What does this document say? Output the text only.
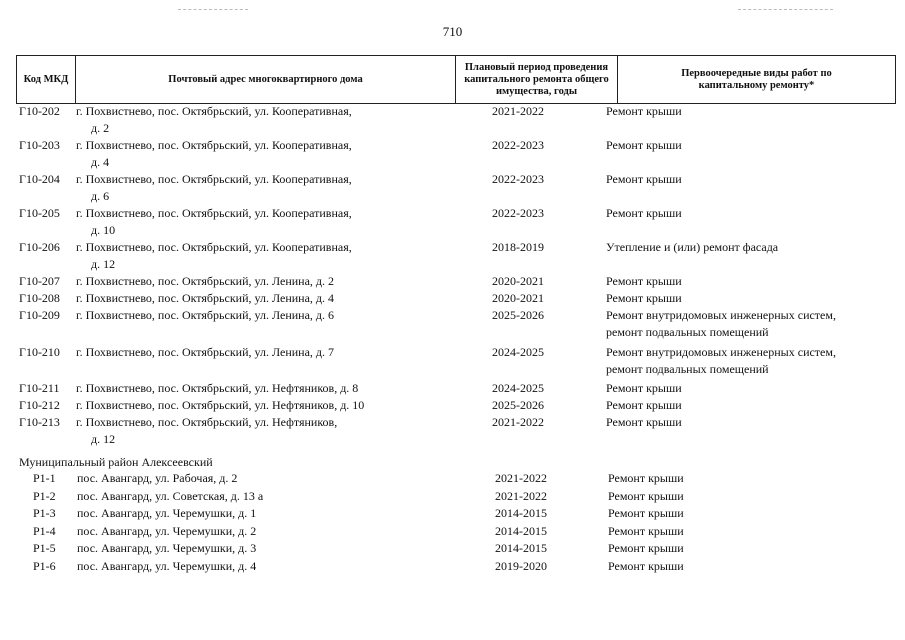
710
Код МКД	Почтовый адрес многоквартирного дома
Плановый период проведения капитального ремонта общего имущества, годы
Первоочередные виды работ по капитальному ремонту*
Г10-202 г. Похвистнево, пос. Октябрьский, ул. Кооперативная,
д. 2
2021-2022	Ремонт крыши
Г10-203 г. Похвистнево, пос. Октябрьский, ул. Кооперативная,
д. 4
2022-2023	Ремонт крыши
Г10-204 г. Похвистнево, пос. Октябрьский, ул. Кооперативная,
д. 6
2022-2023	Ремонт крыши
Г10-205 г. Похвистнево, пос. Октябрьский, ул. Кооперативная,
д. 10
2022-2023	Ремонт крыши
Г10-206 г. Похвистнево, пос. Октябрьский, ул. Кооперативная,
д. 12
2018-2019	Утепление и (или) ремонт фасада
Г10-207 г. Похвистнево, пос. Октябрьский, ул. Ленина, д. 2	2020-2021	Ремонт крыши
Г10-208 г. Похвистнево, пос. Октябрьский, ул. Ленина, д. 4	2020-2021	Ремонт крыши
Г10-209 г. Похвистнево, пос. Октябрьский, ул. Ленина, д. 6	2025-2026	Ремонт внутридомовых инженерных систем,
ремонт подвальных помещений
Г10-210 г. Похвистнево, пос. Октябрьский, ул. Ленина, д. 7	2024-2025	Ремонт внутридомовых инженерных систем,
ремонт подвальных помещений
Г10-211 г. Похвистнево, пос. Октябрьский, ул. Нефтяников, д. 8	2024-2025	Ремонт крыши
Г10-212 г. Похвистнево, пос. Октябрьский, ул. Нефтяников, д. 10	2025-2026	Ремонт крыши
Г10-213 г. Похвистнево, пос. Октябрьский, ул. Нефтяников,
д. 12
2021-2022	Ремонт крыши
Муниципальный район Алексеевский
Р1-1 пос. Авангард, ул. Рабочая, д. 2	2021-2022	Ремонт крыши
Р1-2 пос. Авангард, ул. Советская, д. 13 а	2021-2022	Ремонт крыши
Р1-3 пос. Авангард, ул. Черемушки, д. 1	2014-2015	Ремонт крыши
Р1-4 пос. Авангард, ул. Черемушки, д. 2	2014-2015	Ремонт крыши
Р1-5 пос. Авангард, ул. Черемушки, д. 3	2014-2015	Ремонт крыши
Р1-6 пос. Авангард, ул. Черемушки, д. 4	2019-2020	Ремонт крыши
